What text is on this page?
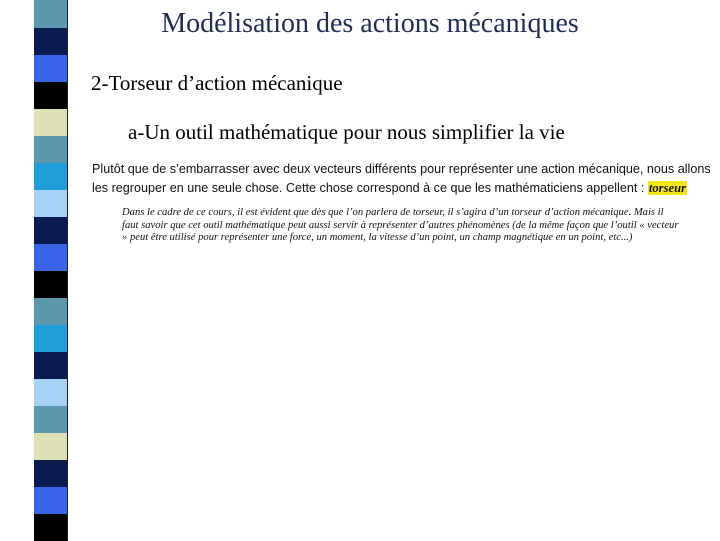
Modélisation des actions mécaniques
2-Torseur d’action mécanique
a-Un outil mathématique pour nous simplifier la vie
Plutôt que de s’embarrasser avec deux vecteurs différents pour représenter une action mécanique, nous allons les regrouper en une seule chose. Cette chose correspond à ce que les mathématiciens appellent : torseur
Dans le cadre de ce cours, il est évident que dès que l’on parlera de torseur, il s’agira d’un torseur d’action mécanique. Mais il faut savoir que cet outil mathématique peut aussi servir à représenter d’autres phénomènes (de la même façon que l’outil « vecteur » peut être utilisé pour représenter une force, un moment, la vitesse d’un point, un champ magnétique en un point, etc...)
